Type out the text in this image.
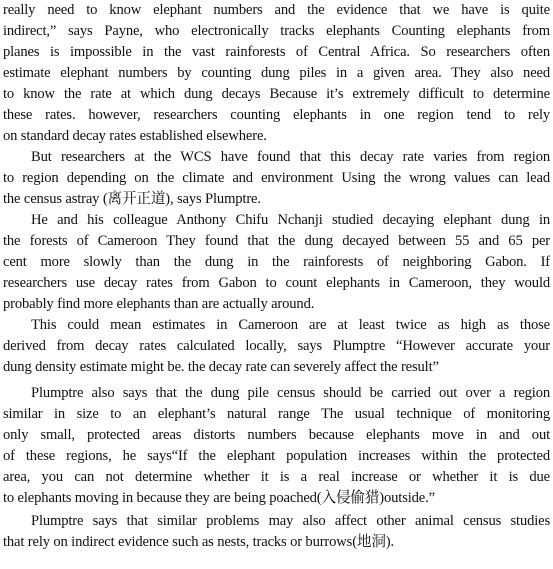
really need to know elephant numbers and the evidence that we have is quite
indirect,” says Payne, who electronically tracks elephants Counting elephants from
planes is impossible in the vast rainforests of Central Africa. So researchers often
estimate elephant numbers by counting dung piles in a given area. They also need
to know the rate at which dung decays Because it’s extremely difficult to determine
these rates. however, researchers counting elephants in one region tend to rely
on standard decay rates established elsewhere.
But researchers at the WCS have found that this decay rate varies from region
to region depending on the climate and environment Using the wrong values can lead
the census astray (离开正道), says Plumptre.
He and his colleague Anthony Chifu Nchanji studied decaying elephant dung in
the forests of Cameroon They found that the dung decayed between 55 and 65 per
cent more slowly than the dung in the rainforests of neighboring Gabon. If
researchers use decay rates from Gabon to count elephants in Cameroon, they would
probably find more elephants than are actually around.
This could mean estimates in Cameroon are at least twice as high as those
derived from decay rates calculated locally, says Plumptre “However accurate your
dung density estimate might be. the decay rate can severely affect the result”
Plumptre also says that the dung pile census should be carried out over a region
similar in size to an elephant’s natural range The usual technique of monitoring
only small, protected areas distorts numbers because elephants move in and out
of these regions, he says“If the elephant population increases within the protected
area, you can not determine whether it is a real increase or whether it is due
to elephants moving in because they are being poached(入侵偷猎)outside.”
Plumptre says that similar problems may also affect other animal census studies
that rely on indirect evidence such as nests, tracks or burrows(地洞).
